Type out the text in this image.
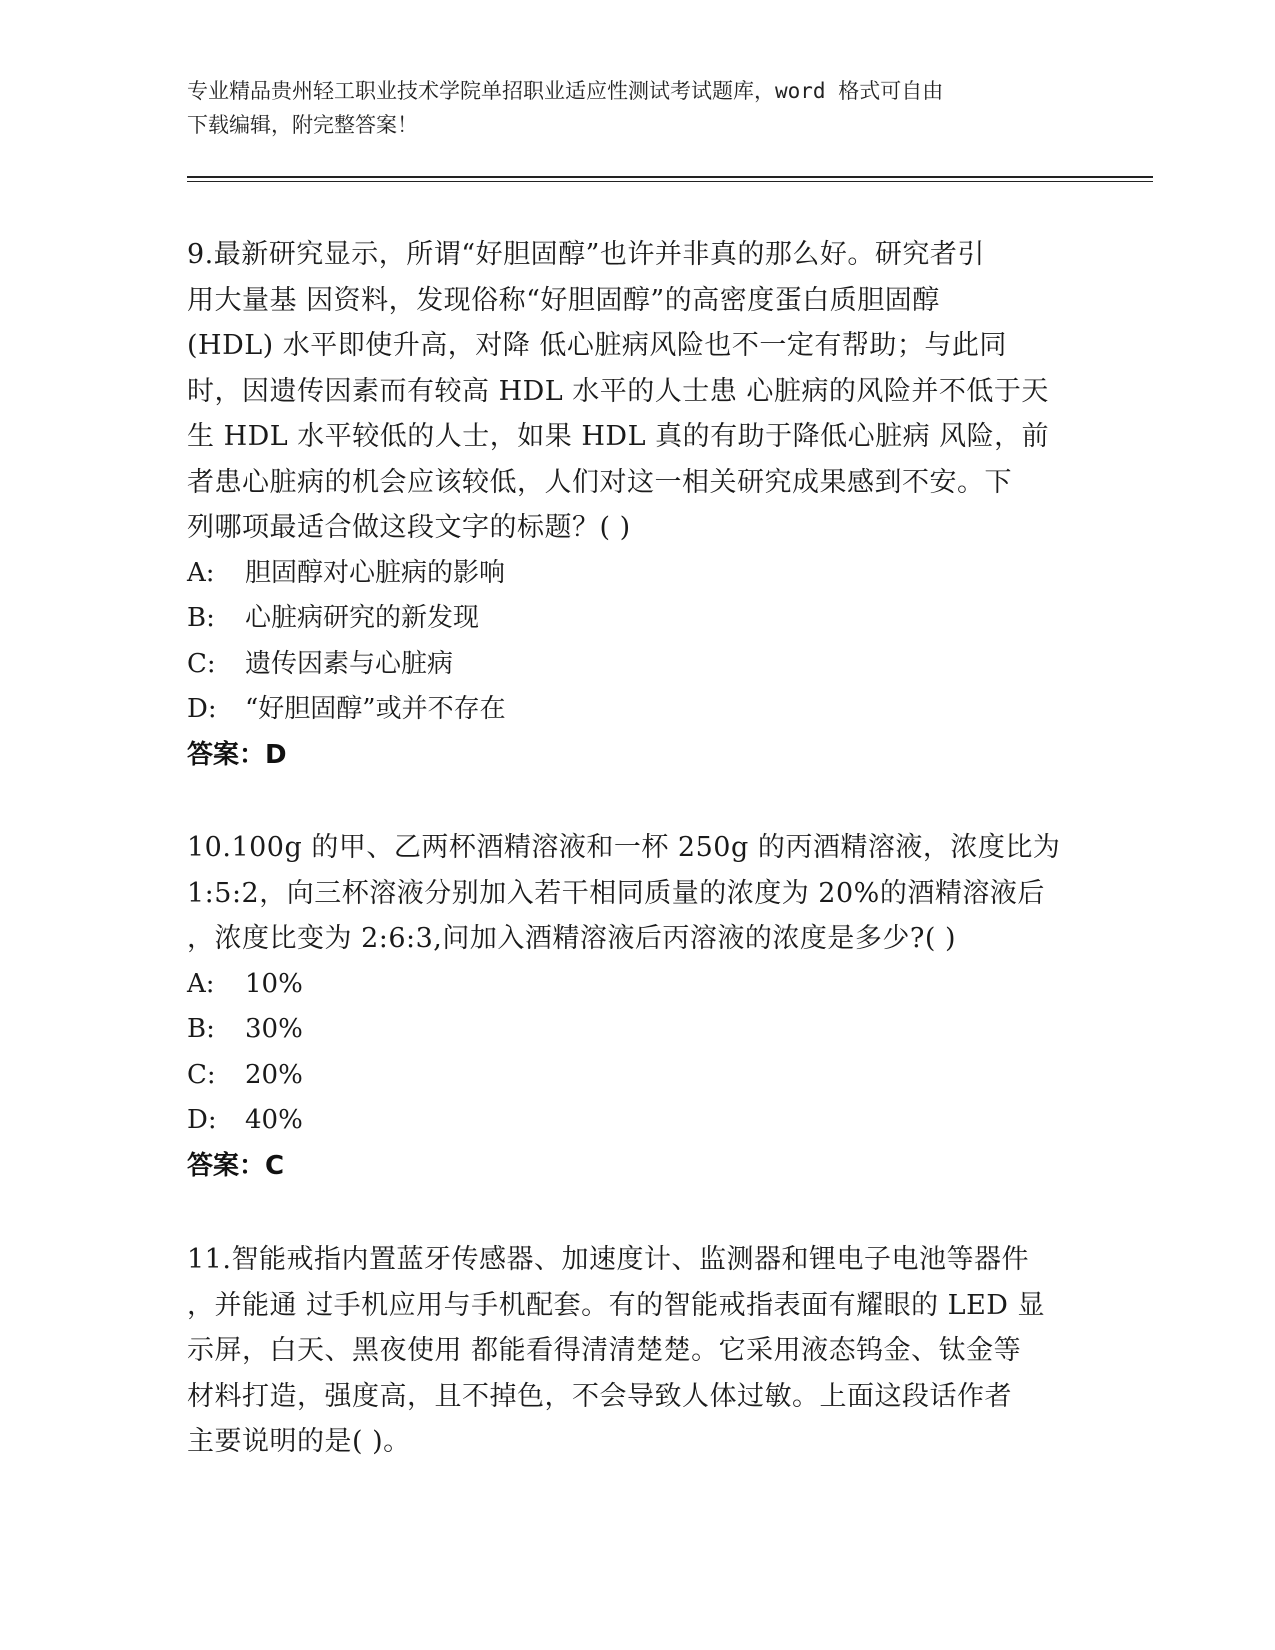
专业精品贵州轻工职业技术学院单招职业适应性测试考试题库，word 格式可自由
下载编辑，附完整答案！
9.最新研究显示，所谓“好胆固醇”也许并非真的那么好。研究者引
用大量基 因资料，发现俗称“好胆固醇”的高密度蛋白质胆固醇
(HDL) 水平即使升高，对降 低心脏病风险也不一定有帮助；与此同
时，因遗传因素而有较高 HDL 水平的人士患 心脏病的风险并不低于天
生 HDL 水平较低的人士，如果 HDL 真的有助于降低心脏病 风险，前
者患心脏病的机会应该较低，人们对这一相关研究成果感到不安。下
列哪项最适合做这段文字的标题？( )
A: 胆固醇对心脏病的影响
B: 心脏病研究的新发现
C: 遗传因素与心脏病
D: “好胆固醇”或并不存在
答案：D
10.100g 的甲、乙两杯酒精溶液和一杯 250g 的丙酒精溶液，浓度比为
1:5:2，向三杯溶液分别加入若干相同质量的浓度为 20%的酒精溶液后
，浓度比变为 2:6:3,问加入酒精溶液后丙溶液的浓度是多少?( )
A: 10%
B: 30%
C: 20%
D: 40%
答案：C
11.智能戒指内置蓝牙传感器、加速度计、监测器和锂电子电池等器件
，并能通 过手机应用与手机配套。有的智能戒指表面有耀眼的 LED 显
示屏，白天、黑夜使用 都能看得清清楚楚。它采用液态钨金、钛金等
材料打造，强度高，且不掉色，不会导致人体过敏。上面这段话作者
主要说明的是( )。
